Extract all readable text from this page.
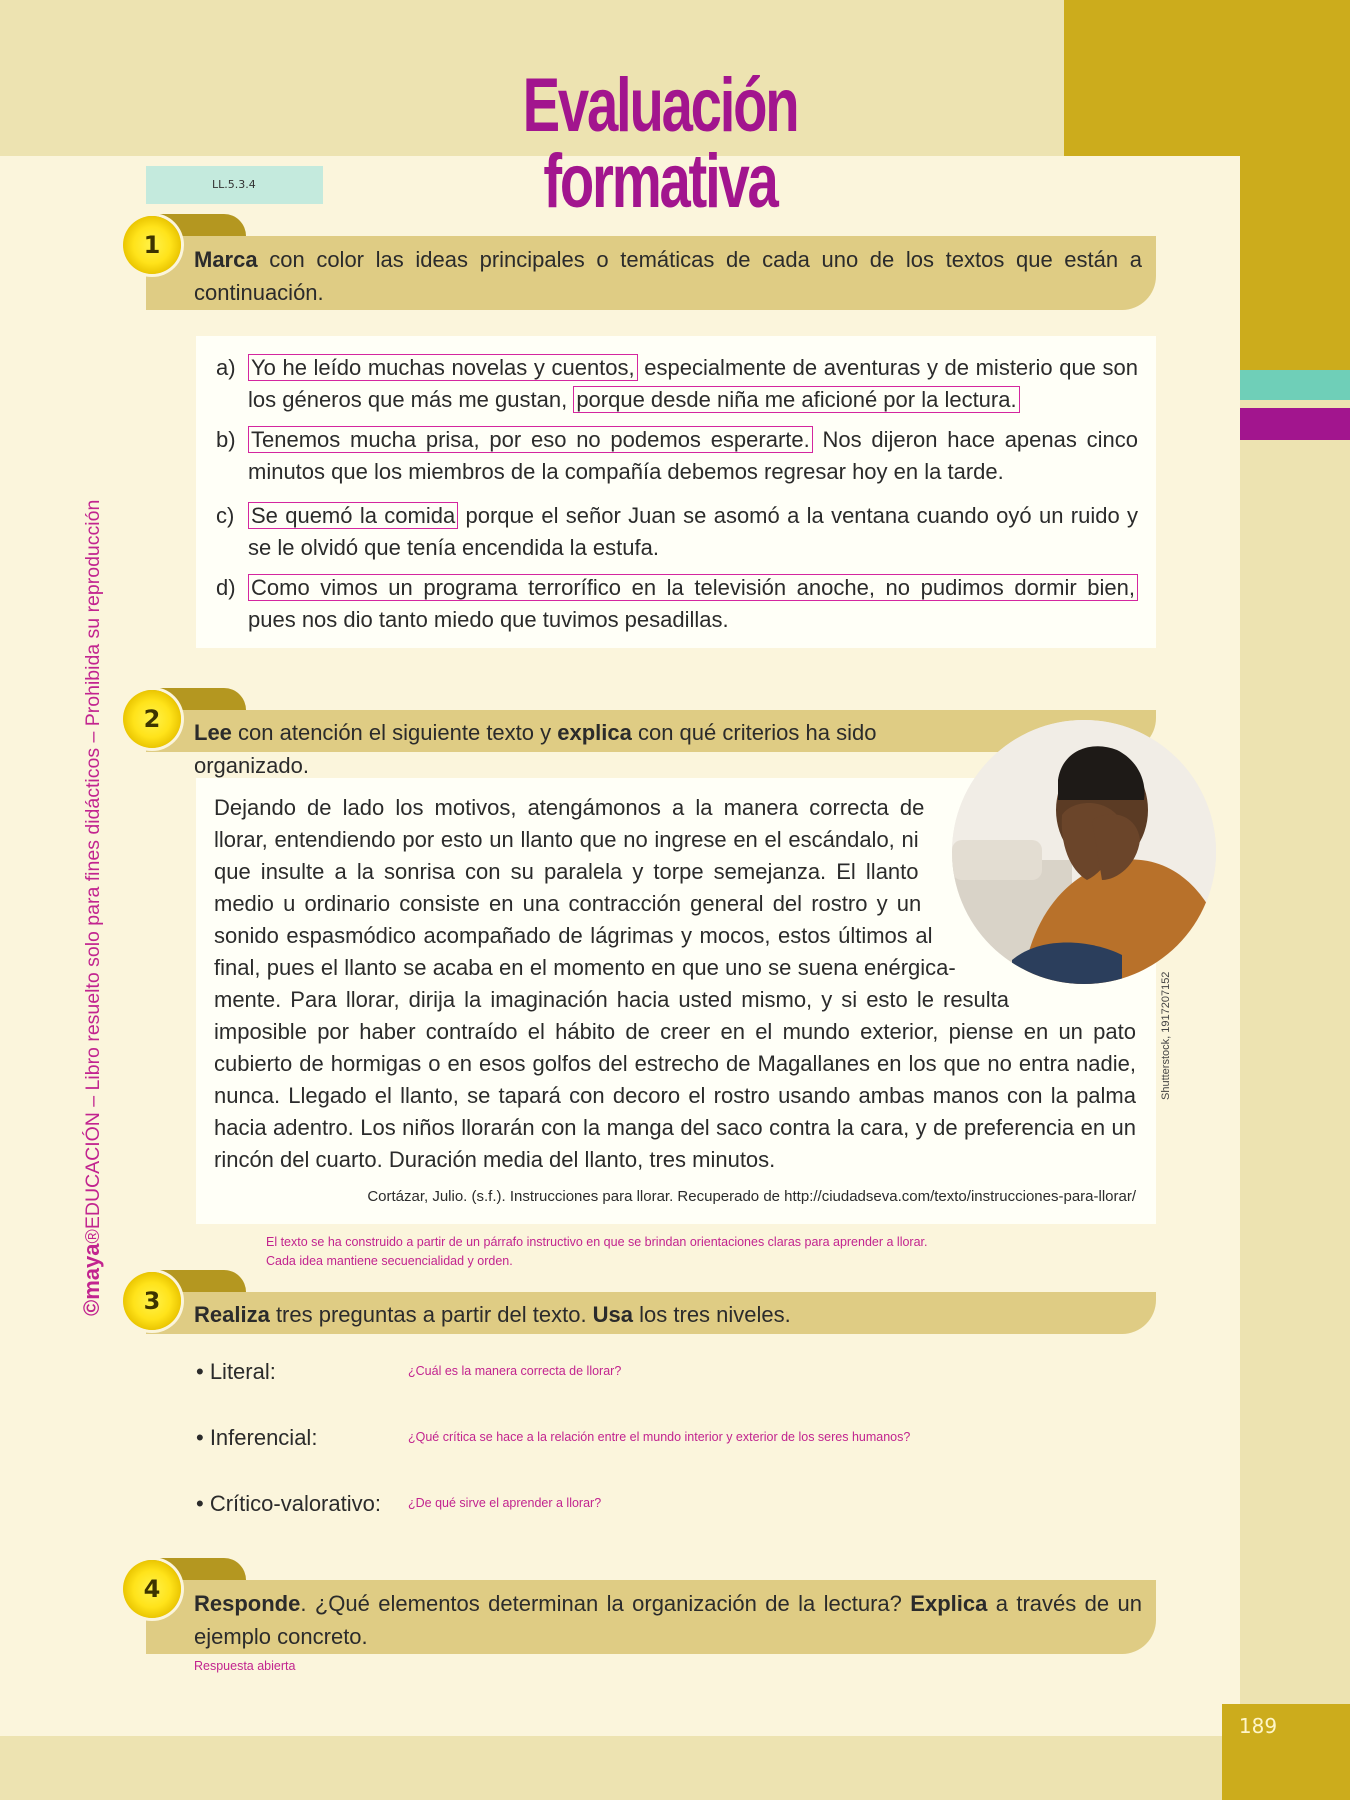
189
Evaluación formativa
LL.5.3.4
©maya®EDUCACIÓN – Libro resuelto solo para fines didácticos – Prohibida su reproducción
1
Marca con color las ideas principales o temáticas de cada uno de los textos que están a continuación.
a) Yo he leído muchas novelas y cuentos, especialmente de aventuras y de misterio que son los géneros que más me gustan, porque desde niña me aficioné por la lectura.
b) Tenemos mucha prisa, por eso no podemos esperarte. Nos dijeron hace apenas cinco minutos que los miembros de la compañía debemos regresar hoy en la tarde.
c) Se quemó la comida porque el señor Juan se asomó a la ventana cuando oyó un ruido y se le olvidó que tenía encendida la estufa.
d) Como vimos un programa terrorífico en la televisión anoche, no pudimos dormir bien, pues nos dio tanto miedo que tuvimos pesadillas.
2	Lee con atención el siguiente texto y explica con qué criterios ha sido organizado.
Dejando de lado los motivos, atengámonos a la manera correcta de llorar, entendiendo por esto un llanto que no ingrese en el escándalo, ni que insulte a la sonrisa con su paralela y torpe semejanza. El llanto medio u ordinario consiste en una contracción general del rostro y un sonido espasmódico acompañado de lágrimas y mocos, estos últimos al final, pues el llanto se acaba en el momento en que uno se suena enérgica-mente. Para llorar, dirija la imaginación hacia usted mismo, y si esto le resulta imposible por haber contraído el hábito de creer en el mundo exterior, piense en un pato cubierto de hormigas o en esos golfos del estrecho de Magallanes en los que no entra nadie, nunca. Llegado el llanto, se tapará con decoro el rostro usando ambas manos con la palma hacia adentro. Los niños llorarán con la manga del saco contra la cara, y de preferencia en un rincón del cuarto. Duración media del llanto, tres minutos.
Cortázar, Julio. (s.f.). Instrucciones para llorar. Recuperado de http://ciudadseva.com/texto/instrucciones-para-llorar/
Shutterstock, 1917207152
El texto se ha construido a partir de un párrafo instructivo en que se brindan orientaciones claras para aprender a llorar.
Cada idea mantiene secuencialidad y orden.
3	Realiza tres preguntas a partir del texto. Usa los tres niveles.
• Literal:	¿Cuál es la manera correcta de llorar?
• Inferencial:	¿Qué crítica se hace a la relación entre el mundo interior y exterior de los seres humanos?
• Crítico-valorativo: ¿De qué sirve el aprender a llorar?
4
Responde. ¿Qué elementos determinan la organización de la lectura? Explica a través de un ejemplo concreto.
Respuesta abierta
